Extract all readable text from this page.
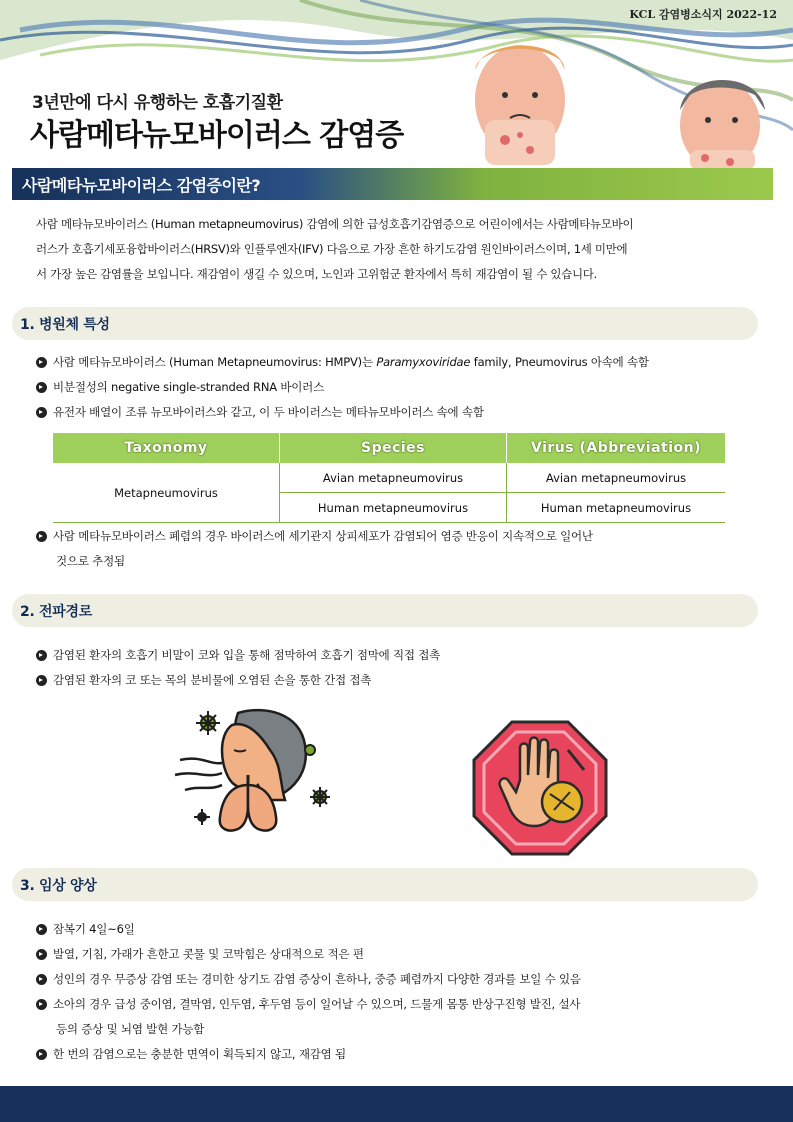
KCL 감염병소식지 2022-12
3년만에 다시 유행하는 호흡기질환
사람메타뉴모바이러스 감염증
사람메타뉴모바이러스 감염증이란?
사람 메타뉴모바이러스 (Human metapneumovirus) 감염에 의한 급성호흡기감염증으로 어린이에서는 사람메타뉴모바이
러스가 호흡기세포융합바이러스(HRSV)와 인플루엔자(IFV) 다음으로 가장 흔한 하기도감염 원인바이러스이며, 1세 미만에
서 가장 높은 감염률을 보입니다. 재감염이 생길 수 있으며, 노인과 고위험군 환자에서 특히 재감염이 될 수 있습니다.
1. 병원체 특성
사람 메타뉴모바이러스 (Human Metapneumovirus: HMPV)는 Paramyxoviridae family, Pneumovirus 아속에 속함
비분절성의 negative single-stranded RNA 바이러스
유전자 배열이 조류 뉴모바이러스와 같고, 이 두 바이러스는 메타뉴모바이러스 속에 속함
Taxonomy	Species	Virus (Abbreviation)
Metapneumovirus	Avian metapneumovirus	Avian metapneumovirus
	Human metapneumovirus	Human metapneumovirus
사람 메타뉴모바이러스 폐렴의 경우 바이러스에 세기관지 상피세포가 감염되어 염증 반응이 지속적으로 일어난
것으로 추정됨
2. 전파경로
감염된 환자의 호흡기 비말이 코와 입을 통해 점막하여 호흡기 점막에 직접 접촉
감염된 환자의 코 또는 목의 분비물에 오염된 손을 통한 간접 접촉
3. 임상 양상
잠복기 4일~6일
발열, 기침, 가래가 흔한고 콧물 및 코막힘은 상대적으로 적은 편
성인의 경우 무증상 감염 또는 경미한 상기도 감염 증상이 흔하나, 중증 폐렴까지 다양한 경과를 보일 수 있음
소아의 경우 급성 중이염, 결막염, 인두염, 후두염 등이 일어날 수 있으며, 드물게 몸통 반상구진형 발진, 설사
등의 증상 및 뇌염 발현 가능함
한 번의 감염으로는 충분한 면역이 획득되지 않고, 재감염 됨
